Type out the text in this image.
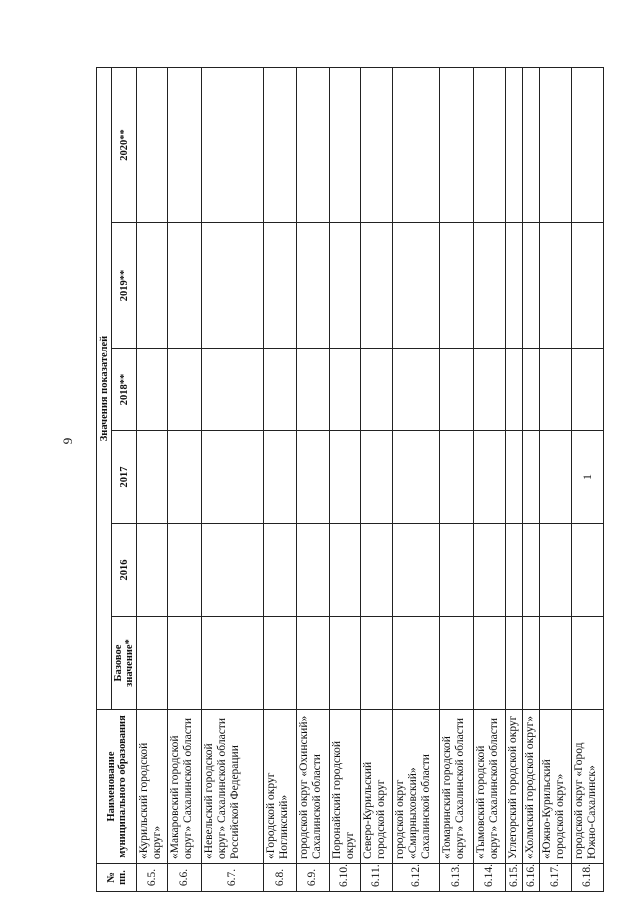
9
№
пп.	Наименование муниципального образования	Значения показателей					
		Базовое значение*	2016	2017	2018**	2019**	2020**
6.5.	«Курильский городской округ»						
6.6.	«Макаровский городской округ» Сахалинской области						
6.7.	«Невельский городской округ» Сахалинской области Российской Федерации						
6.8.	«Городской округ Ногликский»						
6.9.	городской округ «Охинский» Сахалинской области						
6.10.	Поронайский городской округ						
6.11.	Северо-Курильский городской округ						
6.12.	городской округ «Смирныховский» Сахалинской области						
6.13.	«Томаринский городской округ» Сахалинской области						
6.14.	«Тымовский городской округ» Сахалинской области						
6.15.	Углегорский городской округ						
6.16.	«Холмский городской округ»						
6.17.	«Южно-Курильский городской округ»						
6.18.	городской округ «Город Южно-Сахалинск»			1			
